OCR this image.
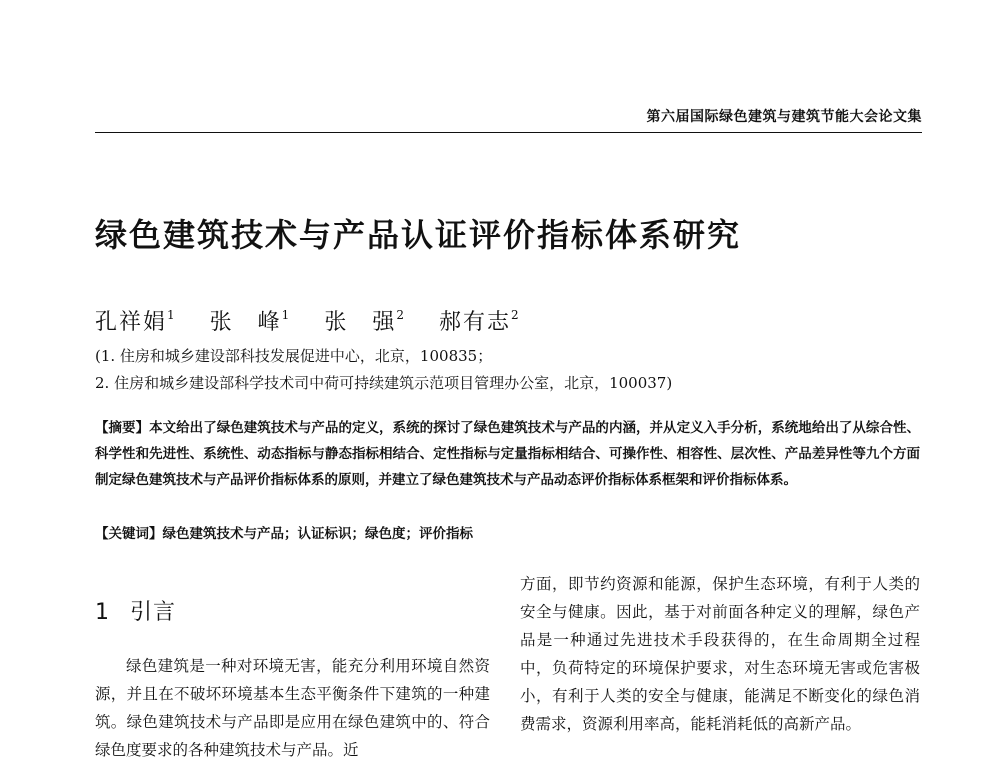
第六届国际绿色建筑与建筑节能大会论文集
绿色建筑技术与产品认证评价指标体系研究
孔祥娟$^1$ 张　峰$^1$ 张　强$^2$ 郝有志$^2$
(1. 住房和城乡建设部科技发展促进中心，北京，100835；
2. 住房和城乡建设部科学技术司中荷可持续建筑示范项目管理办公室，北京，100037)
【摘要】本文给出了绿色建筑技术与产品的定义，系统的探讨了绿色建筑技术与产品的内涵，并从定义入手分析，系统地给出了从综合性、科学性和先进性、系统性、动态指标与静态指标相结合、定性指标与定量指标相结合、可操作性、相容性、层次性、产品差异性等九个方面制定绿色建筑技术与产品评价指标体系的原则，并建立了绿色建筑技术与产品动态评价指标体系框架和评价指标体系。
【关键词】绿色建筑技术与产品；认证标识；绿色度；评价指标
1 引言

绿色建筑是一种对环境无害，能充分利用环境自然资源，并且在不破坏环境基本生态平衡条件下建筑的一种建筑。绿色建筑技术与产品即是应用在绿色建筑中的、符合绿色度要求的各种建筑技术与产品。近

方面，即节约资源和能源，保护生态环境，有利于人类的安全与健康。因此，基于对前面各种定义的理解，绿色产品是一种通过先进技术手段获得的，在生命周期全过程中，负荷特定的环境保护要求，对生态环境无害或危害极小，有利于人类的安全与健康，能满足不断变化的绿色消费需求，资源利用率高，能耗消耗低的高新产品。
